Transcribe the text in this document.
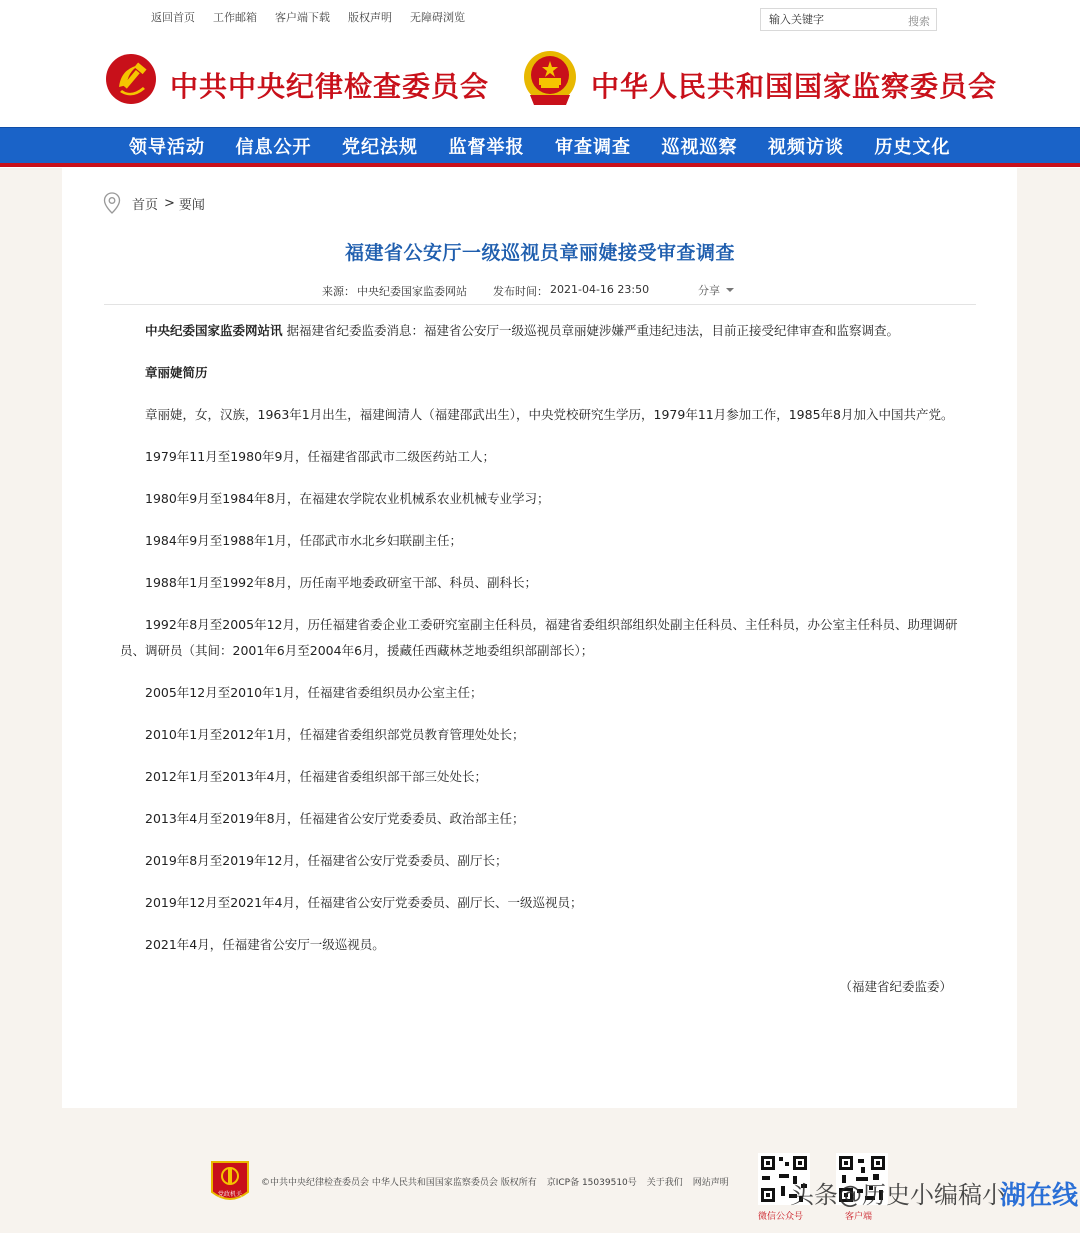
返回首页 工作邮箱 客户端下载 版权声明 无障碍浏览
输入关键字	搜索
中共中央纪律检查委员会	中华人民共和国国家监察委员会
领导活动	信息公开	党纪法规	监督举报	审查调查	巡视巡察	视频访谈	历史文化
首页 > 要闻
福建省公安厅一级巡视员章丽婕接受审查调查
来源： 中央纪委国家监委网站 发布时间： 2021-04-16 23:50	分享

中央纪委国家监委网站讯 据福建省纪委监委消息：福建省公安厅一级巡视员章丽婕涉嫌严重违纪违法，目前正接受纪律审查和监察调查。

章丽婕简历

章丽婕，女，汉族，1963年1月出生，福建闽清人（福建邵武出生），中央党校研究生学历，1979年11月参加工作，1985年8月加入中国共产党。

1979年11月至1980年9月，任福建省邵武市二级医药站工人；

1980年9月至1984年8月，在福建农学院农业机械系农业机械专业学习；

1984年9月至1988年1月，任邵武市水北乡妇联副主任；

1988年1月至1992年8月，历任南平地委政研室干部、科员、副科长；

1992年8月至2005年12月，历任福建省委企业工委研究室副主任科员，福建省委组织部组织处副主任科员、主任科员，办公室主任科员、助理调研员、调研员（其间：2001年6月至2004年6月，援藏任西藏林芝地委组织部副部长）；

2005年12月至2010年1月，任福建省委组织员办公室主任；

2010年1月至2012年1月，任福建省委组织部党员教育管理处处长；

2012年1月至2013年4月，任福建省委组织部干部三处处长；

2013年4月至2019年8月，任福建省公安厅党委委员、政治部主任；

2019年8月至2019年12月，任福建省公安厅党委委员、副厅长；

2019年12月至2021年4月，任福建省公安厅党委委员、副厅长、一级巡视员；

2021年4月，任福建省公安厅一级巡视员。

（福建省纪委监委）

党政机关
©中共中央纪律检查委员会 中华人民共和国国家监察委员会 版权所有 京ICP备 15039510号 关于我们 网站声明
微信公众号	客户端
头条@历史小编稿小
湖在线
